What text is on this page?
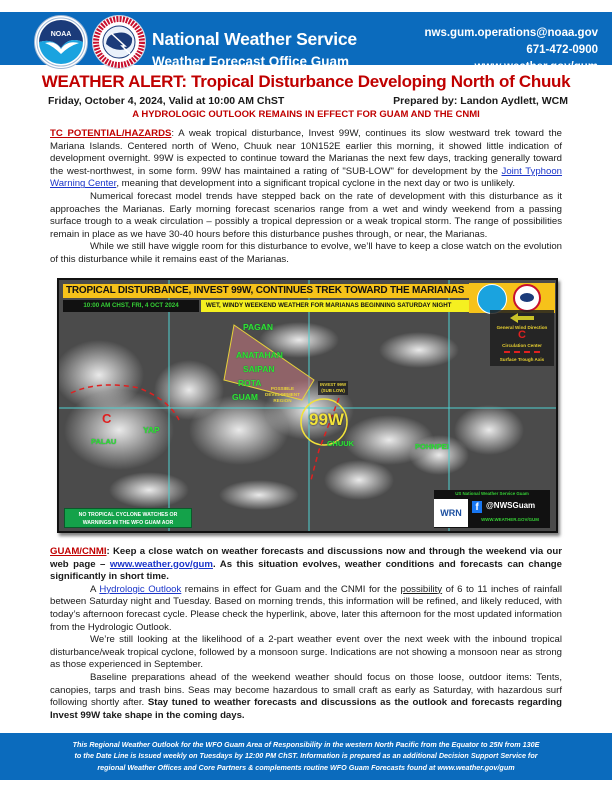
NOAA	National Weather Service
Weather Forecast Office Guam
nws.gum.operations@noaa.gov
671-472-0900
www.weather.gov/gum
WEATHER ALERT: Tropical Disturbance Developing North of Chuuk
Friday, October 4, 2024, Valid at 10:00 AM ChST	Prepared by: Landon Aydlett, WCM
A HYDROLOGIC OUTLOOK REMAINS IN EFFECT FOR GUAM AND THE CNMI

TC POTENTIAL/HAZARDS: A weak tropical disturbance, Invest 99W, continues its slow westward trek toward the Mariana Islands. Centered north of Weno, Chuuk near 10N152E earlier this morning, it showed little indication of development overnight. 99W is expected to continue toward the Marianas the next few days, tracking generally toward the west-northwest, in some form. 99W has maintained a rating of "SUB-LOW" for development by the Joint Typhoon Warning Center, meaning that development into a significant tropical cyclone in the next day or two is unlikely.

Numerical forecast model trends have stepped back on the rate of development with this disturbance as it approaches the Marianas. Early morning forecast scenarios range from a wet and windy weekend from a passing surface trough to a weak circulation – possibly a tropical depression or a weak tropical storm. The range of possibilities remain in place as we have 30-40 hours before this disturbance pushes through, or near, the Marianas.

While we still have wiggle room for this disturbance to evolve, we’ll have to keep a close watch on the evolution of this disturbance while it remains east of the Marianas.

TROPICAL DISTURBANCE, INVEST 99W, CONTINUES TREK TOWARD THE MARIANAS
10:00 AM CHST, FRI, 4 OCT 2024	WET, WINDY WEEKEND WEATHER FOR MARIANAS BEGINNING SATURDAY NIGHT
PAGAN
ANATAHAN
SAIPAN
ROTA
GUAM
YAP
PALAU	CHUUK	POHNPEI
POSSIBLE
DEVELOPMENT
REGION
INVEST 99W
(SUB LOW)
99W
C
General Wind Direction
C
Circulation Center
Surface Trough Axis
NO TROPICAL CYCLONE WATCHES OR
WARNINGS IN THE WFO GUAM AOR
US National Weather Service Guam
WRN	f @NWSGuam
WWW.WEATHER.GOV/GUM

GUAM/CNMI: Keep a close watch on weather forecasts and discussions now and through the weekend via our web page – www.weather.gov/gum. As this situation evolves, weather conditions and forecasts can change significantly in short time.

A Hydrologic Outlook remains in effect for Guam and the CNMI for the possibility of 6 to 11 inches of rainfall between Saturday night and Tuesday. Based on morning trends, this information will be refined, and likely reduced, with today’s afternoon forecast cycle. Please check the hyperlink, above, later this afternoon for the most updated information from the Hydrologic Outlook.

We’re still looking at the likelihood of a 2-part weather event over the next week with the inbound tropical disturbance/weak tropical cyclone, followed by a monsoon surge. Indications are not showing a monsoon near as strong as those experienced in September.

Baseline preparations ahead of the weekend weather should focus on those loose, outdoor items: Tents, canopies, tarps and trash bins. Seas may become hazardous to small craft as early as Saturday, with hazardous surf following shortly after. Stay tuned to weather forecasts and discussions as the outlook and forecasts regarding Invest 99W take shape in the coming days.

This Regional Weather Outlook for the WFO Guam Area of Responsibility in the western North Pacific from the Equator to 25N from 130E
to the Date Line is Issued weekly on Tuesdays by 12:00 PM ChST. Information is prepared as an additional Decision Support Service for
regional Weather Offices and Core Partners & complements routine WFO Guam Forecasts found at www.weather.gov/gum
